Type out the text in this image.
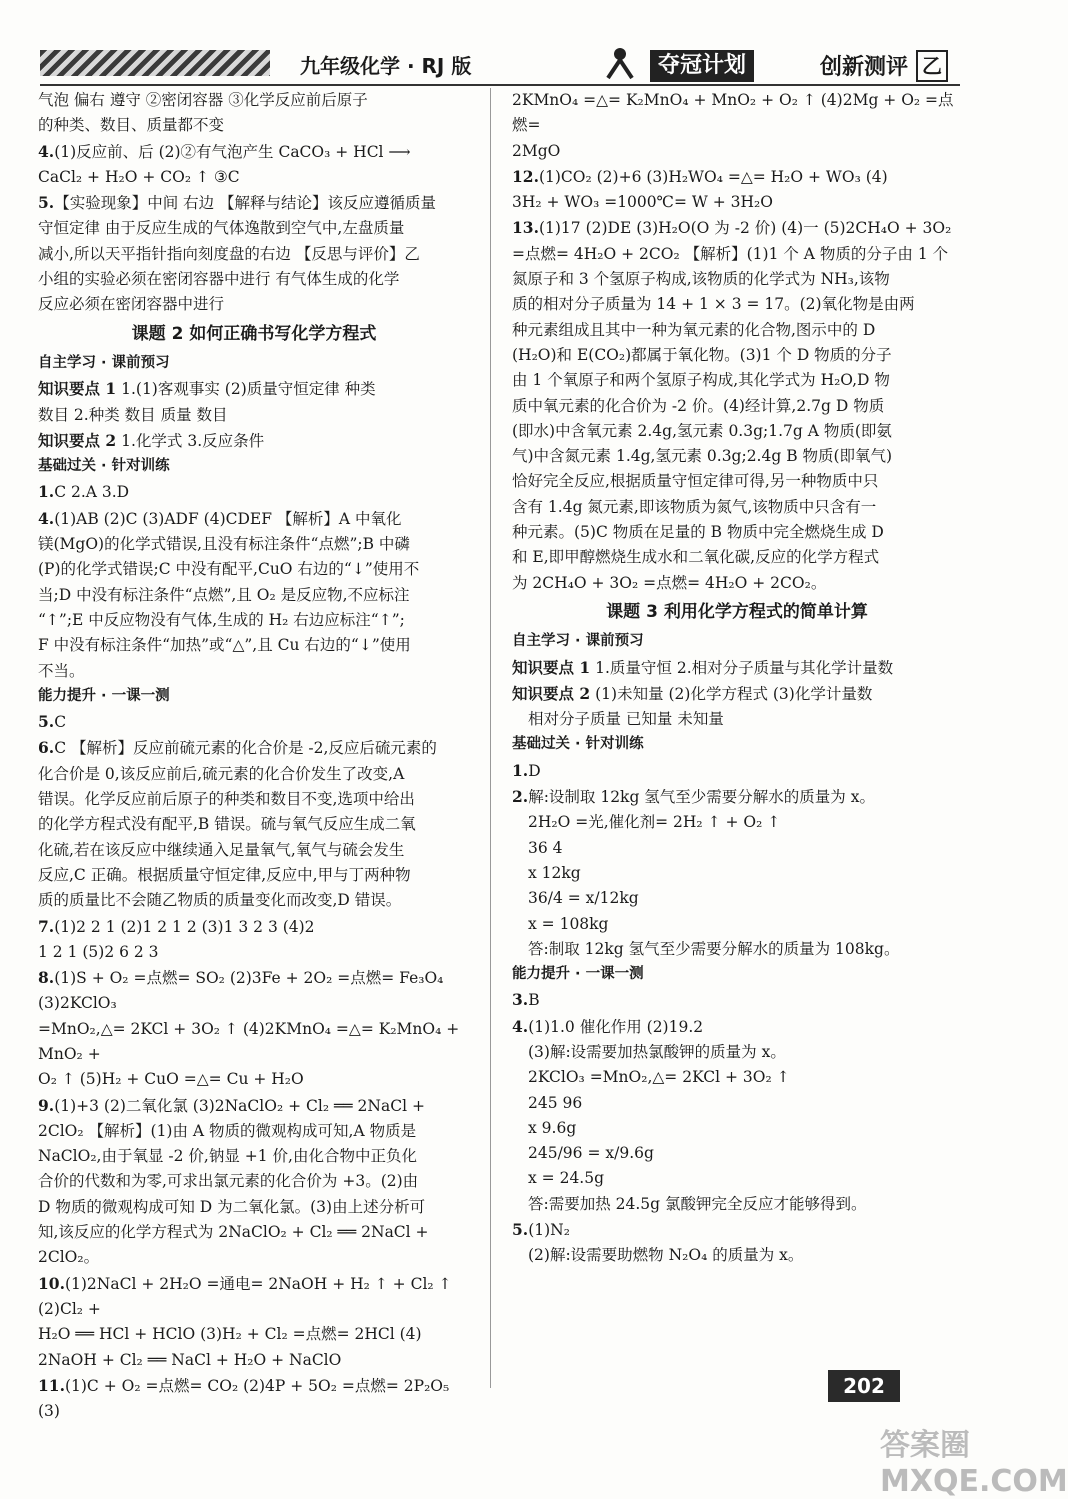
九年级化学 · RJ 版	夺冠计划	创新测评 乙

气泡 偏右 遵守 ②密闭容器 ③化学反应前后原子

的种类、数目、质量都不变

4.(1)反应前、后 (2)②有气泡产生 CaCO₃ + HCl ⟶

CaCl₂ + H₂O + CO₂ ↑ ③C

5.【实验现象】中间 右边 【解释与结论】该反应遵循质量

守恒定律 由于反应生成的气体逸散到空气中,左盘质量

减小,所以天平指针指向刻度盘的右边 【反思与评价】乙

小组的实验必须在密闭容器中进行 有气体生成的化学

反应必须在密闭容器中进行

课题 2 如何正确书写化学方程式

自主学习 · 课前预习

知识要点 1 1.(1)客观事实 (2)质量守恒定律 种类

数目 2.种类 数目 质量 数目

知识要点 2 1.化学式 3.反应条件

基础过关 · 针对训练

1.C 2.A 3.D

4.(1)AB (2)C (3)ADF (4)CDEF 【解析】A 中氧化

镁(MgO)的化学式错误,且没有标注条件“点燃”;B 中磷

(P)的化学式错误;C 中没有配平,CuO 右边的“↓”使用不

当;D 中没有标注条件“点燃”,且 O₂ 是反应物,不应标注

“↑”;E 中反应物没有气体,生成的 H₂ 右边应标注“↑”;

F 中没有标注条件“加热”或“△”,且 Cu 右边的“↓”使用

不当。

能力提升 · 一课一测

5.C

6.C 【解析】反应前硫元素的化合价是 -2,反应后硫元素的

化合价是 0,该反应前后,硫元素的化合价发生了改变,A

错误。化学反应前后原子的种类和数目不变,选项中给出

的化学方程式没有配平,B 错误。硫与氧气反应生成二氧

化硫,若在该反应中继续通入足量氧气,氧气与硫会发生

反应,C 正确。根据质量守恒定律,反应中,甲与丁两种物

质的质量比不会随乙物质的质量变化而改变,D 错误。

7.(1)2 2 1 (2)1 2 1 2 (3)1 3 2 3 (4)2

1 2 1 (5)2 6 2 3

8.(1)S + O₂ =点燃= SO₂ (2)3Fe + 2O₂ =点燃= Fe₃O₄ (3)2KClO₃

=MnO₂,△= 2KCl + 3O₂ ↑ (4)2KMnO₄ =△= K₂MnO₄ + MnO₂ +

O₂ ↑ (5)H₂ + CuO =△= Cu + H₂O

9.(1)+3 (2)二氧化氯 (3)2NaClO₂ + Cl₂ ══ 2NaCl +

2ClO₂ 【解析】(1)由 A 物质的微观构成可知,A 物质是

NaClO₂,由于氧显 -2 价,钠显 +1 价,由化合物中正负化

合价的代数和为零,可求出氯元素的化合价为 +3。(2)由

D 物质的微观构成可知 D 为二氧化氯。(3)由上述分析可

知,该反应的化学方程式为 2NaClO₂ + Cl₂ ══ 2NaCl +

2ClO₂。

10.(1)2NaCl + 2H₂O =通电= 2NaOH + H₂ ↑ + Cl₂ ↑ (2)Cl₂ +

H₂O ══ HCl + HClO (3)H₂ + Cl₂ =点燃= 2HCl (4)

2NaOH + Cl₂ ══ NaCl + H₂O + NaClO

11.(1)C + O₂ =点燃= CO₂ (2)4P + 5O₂ =点燃= 2P₂O₅ (3)

2KMnO₄ =△= K₂MnO₄ + MnO₂ + O₂ ↑ (4)2Mg + O₂ =点燃=

2MgO

12.(1)CO₂ (2)+6 (3)H₂WO₄ =△= H₂O + WO₃ (4)

3H₂ + WO₃ =1000℃= W + 3H₂O

13.(1)17 (2)DE (3)H₂O(O 为 -2 价) (4)一 (5)2CH₄O + 3O₂

=点燃= 4H₂O + 2CO₂ 【解析】(1)1 个 A 物质的分子由 1 个

氮原子和 3 个氢原子构成,该物质的化学式为 NH₃,该物

质的相对分子质量为 14 + 1 × 3 = 17。(2)氧化物是由两

种元素组成且其中一种为氧元素的化合物,图示中的 D

(H₂O)和 E(CO₂)都属于氧化物。(3)1 个 D 物质的分子

由 1 个氧原子和两个氢原子构成,其化学式为 H₂O,D 物

质中氧元素的化合价为 -2 价。(4)经计算,2.7g D 物质

(即水)中含氧元素 2.4g,氢元素 0.3g;1.7g A 物质(即氨

气)中含氮元素 1.4g,氢元素 0.3g;2.4g B 物质(即氧气)

恰好完全反应,根据质量守恒定律可得,另一种物质中只

含有 1.4g 氮元素,即该物质为氮气,该物质中只含有一

种元素。(5)C 物质在足量的 B 物质中完全燃烧生成 D

和 E,即甲醇燃烧生成水和二氧化碳,反应的化学方程式

为 2CH₄O + 3O₂ =点燃= 4H₂O + 2CO₂。

课题 3 利用化学方程式的简单计算

自主学习 · 课前预习

知识要点 1 1.质量守恒 2.相对分子质量与其化学计量数

知识要点 2 (1)未知量 (2)化学方程式 (3)化学计量数

相对分子质量 已知量 未知量

基础过关 · 针对训练

1.D

2.解:设制取 12kg 氢气至少需要分解水的质量为 x。

2H₂O =光,催化剂= 2H₂ ↑ + O₂ ↑

36 4

x 12kg

36/4 = x/12kg

x = 108kg

答:制取 12kg 氢气至少需要分解水的质量为 108kg。

能力提升 · 一课一测

3.B

4.(1)1.0 催化作用 (2)19.2

(3)解:设需要加热氯酸钾的质量为 x。

2KClO₃ =MnO₂,△= 2KCl + 3O₂ ↑

245 96

x 9.6g

245/96 = x/9.6g

x = 24.5g

答:需要加热 24.5g 氯酸钾完全反应才能够得到。

5.(1)N₂

(2)解:设需要助燃物 N₂O₄ 的质量为 x。

202
答案圈 MXQE.COM
